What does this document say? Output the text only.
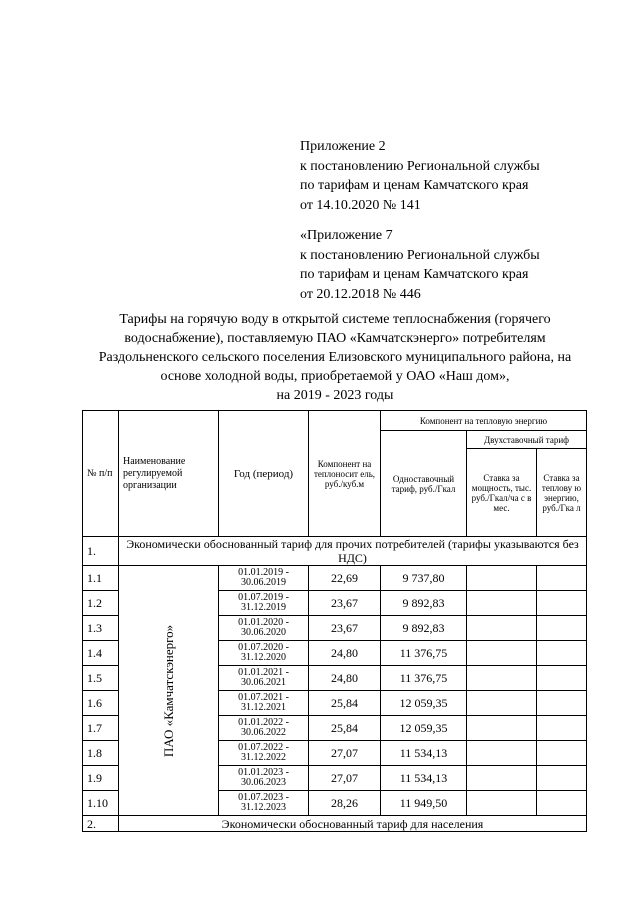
Приложение 2
к постановлению Региональной службы
по тарифам и ценам Камчатского края
от 14.10.2020 № 141
«Приложение 7
к постановлению Региональной службы
по тарифам и ценам Камчатского края
от 20.12.2018 № 446
Тарифы на горячую воду в открытой системе теплоснабжения (горячего
водоснабжение), поставляемую ПАО «Камчатскэнерго» потребителям
Раздольненского сельского поселения Елизовского муниципального района, на
основе холодной воды, приобретаемой у ОАО «Наш дом»,
на 2019 - 2023 годы
№ п/п	Наименование регулируемой организации	Год (период)	Компонент на теплоносит ель, руб./куб.м	Компонент на тепловую энергию		
				Одноставочный тариф, руб./Гкал	Двухставочный тариф	
					Ставка за мощность, тыс. руб./Гкал/ча с в мес.	Ставка за теплову ю энергию, руб./Гка л
1.	Экономически обоснованный тариф для прочих потребителей (тарифы указываются без НДС)					
1.1	ПАО «Камчатскэнерго»	01.01.2019 - 30.06.2019	22,69	9 737,80		
1.2		01.07.2019 - 31.12.2019	23,67	9 892,83		
1.3		01.01.2020 - 30.06.2020	23,67	9 892,83		
1.4		01.07.2020 - 31.12.2020	24,80	11 376,75		
1.5		01.01.2021 - 30.06.2021	24,80	11 376,75		
1.6		01.07.2021 - 31.12.2021	25,84	12 059,35		
1.7		01.01.2022 - 30.06.2022	25,84	12 059,35		
1.8		01.07.2022 - 31.12.2022	27,07	11 534,13		
1.9		01.01.2023 - 30.06.2023	27,07	11 534,13		
1.10		01.07.2023 - 31.12.2023	28,26	11 949,50		
2.	Экономически обоснованный тариф для населения					
